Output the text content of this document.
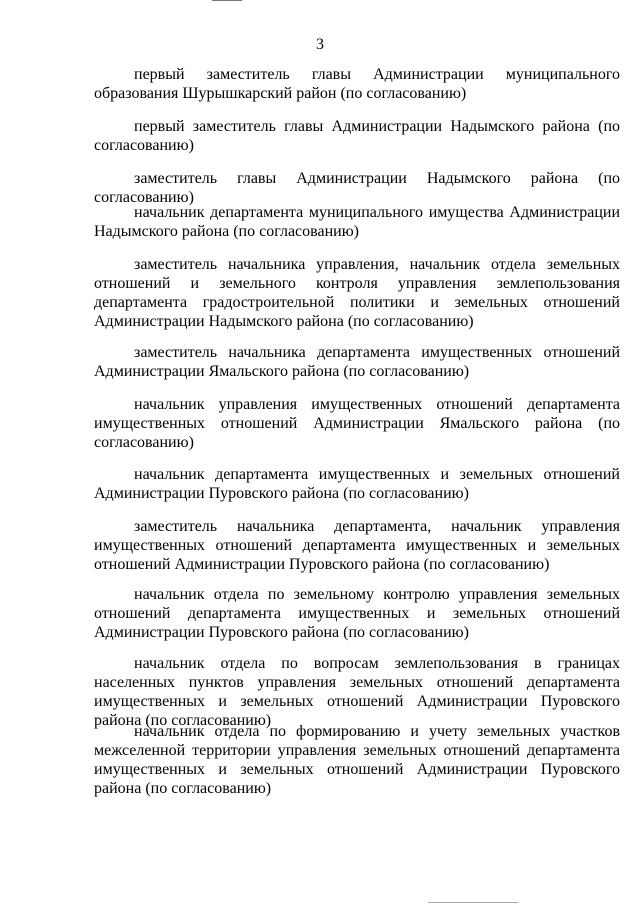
3

первый заместитель главы Администрации муниципального образования Шурышкарский район (по согласованию)

первый заместитель главы Администрации Надымского района (по согласованию)

заместитель главы Администрации Надымского района (по согласованию)

начальник департамента муниципального имущества Администрации Надымского района (по согласованию)

заместитель начальника управления, начальник отдела земельных отношений и земельного контроля управления землепользования департамента градостроительной политики и земельных отношений Администрации Надымского района (по согласованию)

заместитель начальника департамента имущественных отношений Администрации Ямальского района (по согласованию)

начальник управления имущественных отношений департамента имущественных отношений Администрации Ямальского района (по согласованию)

начальник департамента имущественных и земельных отношений Администрации Пуровского района (по согласованию)

заместитель начальника департамента, начальник управления имущественных отношений департамента имущественных и земельных отношений Администрации Пуровского района (по согласованию)

начальник отдела по земельному контролю управления земельных отношений департамента имущественных и земельных отношений Администрации Пуровского района (по согласованию)

начальник отдела по вопросам землепользования в границах населенных пунктов управления земельных отношений департамента имущественных и земельных отношений Администрации Пуровского района (по согласованию)

начальник отдела по формированию и учету земельных участков межселенной территории управления земельных отношений департамента имущественных и земельных отношений Администрации Пуровского района (по согласованию)
